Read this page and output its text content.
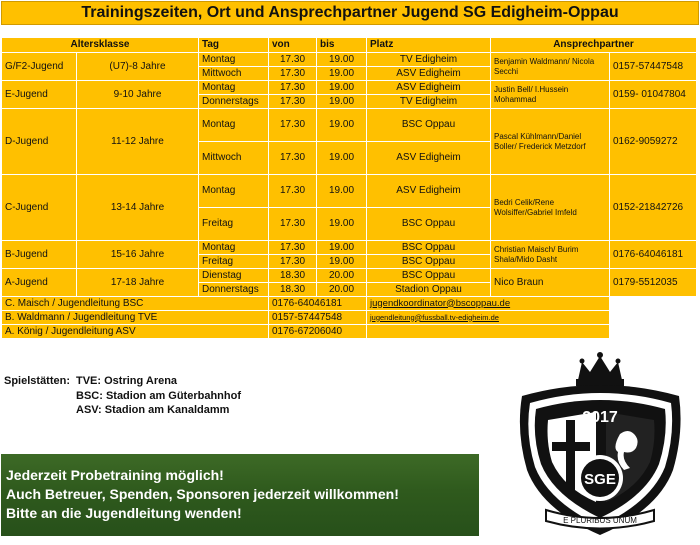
Trainingszeiten, Ort und Ansprechpartner Jugend SG Edigheim-Oppau
Altersklasse		Tag	von	bis	Platz	Ansprechpartner	
G/F2-Jugend	(U7)-8 Jahre	Montag	17.30	19.00	TV Edigheim	Benjamin Waldmann/ Nicola Secchi	0157-57447548
		Mittwoch	17.30	19.00	ASV Edigheim		
E-Jugend	9-10 Jahre	Montag	17.30	19.00	ASV Edigheim	Justin Bell/ I.Hussein Mohammad	0159- 01047804
		Donnerstags	17.30	19.00	TV Edigheim		
D-Jugend	11-12 Jahre	Montag	17.30	19.00	BSC Oppau	Pascal Kühlmann/Daniel Boller/ Frederick Metzdorf	0162-9059272
		Mittwoch	17.30	19.00	ASV Edigheim		
C-Jugend	13-14 Jahre	Montag	17.30	19.00	ASV Edigheim	Bedri Celik/Rene Wolsiffer/Gabriel Imfeld	0152-21842726
		Freitag	17.30	19.00	BSC Oppau		
B-Jugend	15-16 Jahre	Montag	17.30	19.00	BSC Oppau	Christian Maisch/ Burim Shala/Mido Dasht	0176-64046181
		Freitag	17.30	19.00	BSC Oppau		
A-Jugend	17-18 Jahre	Dienstag	18.30	20.00	BSC Oppau	Nico Braun	0179-5512035
		Donnerstags	18.30	20.00	Stadion Oppau		
C. Maisch / Jugendleitung BSC			0176-64046181		jugendkoordinator@bscoppau.de		
B. Waldmann / Jugendleitung TVE			0157-57447548		jugendleitung@fussball.tv-edigheim.de		
A. König / Jugendleitung ASV			0176-67206040				
Spielstätten: TVE: Ostring Arena
BSC: Stadion am Güterbahnhof
ASV: Stadion am Kanaldamm
Jederzeit Probetraining möglich!
Auch Betreuer, Spenden, Sponsoren jederzeit willkommen!
Bitte an die Jugendleitung wenden!
2017
SGE
E PLURIBUS UNUM
